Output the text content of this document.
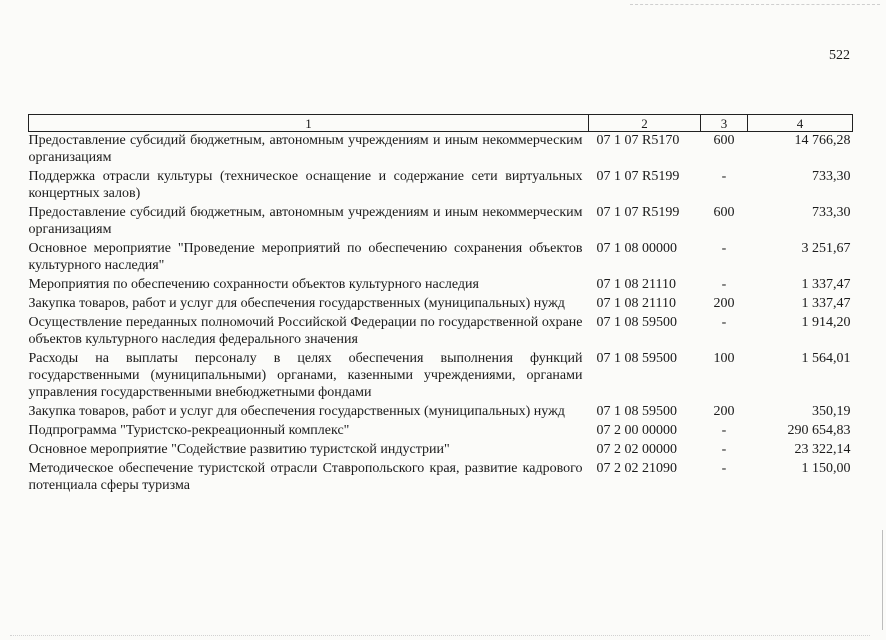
522
1	2	3	4
Предоставление субсидий бюджетным, автономным учреждениям и иным некоммерческим организациям	07 1 07 R5170	600	14 766,28
Поддержка отрасли культуры (техническое оснащение и содержание сети виртуальных концертных залов)	07 1 07 R5199	-	733,30
Предоставление субсидий бюджетным, автономным учреждениям и иным некоммерческим организациям	07 1 07 R5199	600	733,30
Основное мероприятие "Проведение мероприятий по обеспечению сохранения объектов культурного наследия"	07 1 08 00000	-	3 251,67
Мероприятия по обеспечению сохранности объектов культурного наследия	07 1 08 21110	-	1 337,47
Закупка товаров, работ и услуг для обеспечения государственных (муниципальных) нужд	07 1 08 21110	200	1 337,47
Осуществление переданных полномочий Российской Федерации по государственной охране объектов культурного наследия федерального значения	07 1 08 59500	-	1 914,20
Расходы на выплаты персоналу в целях обеспечения выполнения функций государственными (муниципальными) органами, казенными учреждениями, органами управления государственными внебюджетными фондами	07 1 08 59500	100	1 564,01
Закупка товаров, работ и услуг для обеспечения государственных (муниципальных) нужд	07 1 08 59500	200	350,19
Подпрограмма "Туристско-рекреационный комплекс"	07 2 00 00000	-	290 654,83
Основное мероприятие "Содействие развитию туристской индустрии"	07 2 02 00000	-	23 322,14
Методическое обеспечение туристской отрасли Ставропольского края, развитие кадрового потенциала сферы туризма	07 2 02 21090	-	1 150,00
